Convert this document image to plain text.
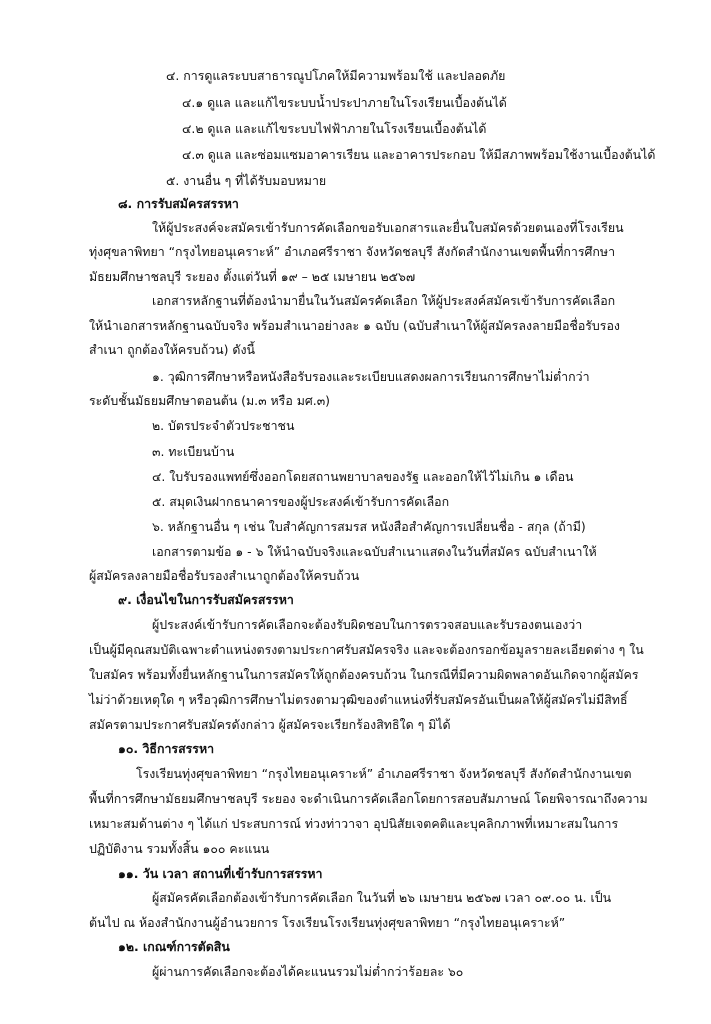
๔. การดูแลระบบสาธารณูปโภคให้มีความพร้อมใช้ และปลอดภัย
๔.๑ ดูแล และแก้ไขระบบน้ำประปาภายในโรงเรียนเบื้องต้นได้
๔.๒ ดูแล และแก้ไขระบบไฟฟ้าภายในโรงเรียนเบื้องต้นได้
๔.๓ ดูแล และซ่อมแซมอาคารเรียน และอาคารประกอบ ให้มีสภาพพร้อมใช้งานเบื้องต้นได้
๕. งานอื่น ๆ ที่ได้รับมอบหมาย
๘. การรับสมัครสรรหา
ให้ผู้ประสงค์จะสมัครเข้ารับการคัดเลือกขอรับเอกสารและยื่นใบสมัครด้วยตนเองที่โรงเรียน
ทุ่งศุขลาพิทยา “กรุงไทยอนุเคราะห์” อำเภอศรีราชา จังหวัดชลบุรี สังกัดสำนักงานเขตพื้นที่การศึกษา
มัธยมศึกษาชลบุรี ระยอง ตั้งแต่วันที่ ๑๙ – ๒๕ เมษายน ๒๕๖๗
เอกสารหลักฐานที่ต้องนำมายื่นในวันสมัครคัดเลือก ให้ผู้ประสงค์สมัครเข้ารับการคัดเลือก
ให้นำเอกสารหลักฐานฉบับจริง พร้อมสำเนาอย่างละ ๑ ฉบับ (ฉบับสำเนาให้ผู้สมัครลงลายมือชื่อรับรอง
สำเนา ถูกต้องให้ครบถ้วน) ดังนี้
๑. วุฒิการศึกษาหรือหนังสือรับรองและระเบียบแสดงผลการเรียนการศึกษาไม่ต่ำกว่า
ระดับชั้นมัธยมศึกษาตอนต้น (ม.๓ หรือ มศ.๓)
๒. บัตรประจำตัวประชาชน
๓. ทะเบียนบ้าน
๔. ใบรับรองแพทย์ซึ่งออกโดยสถานพยาบาลของรัฐ และออกให้ไว้ไม่เกิน ๑ เดือน
๕. สมุดเงินฝากธนาคารของผู้ประสงค์เข้ารับการคัดเลือก
๖. หลักฐานอื่น ๆ เช่น ใบสำคัญการสมรส หนังสือสำคัญการเปลี่ยนชื่อ - สกุล (ถ้ามี)
เอกสารตามข้อ ๑ - ๖ ให้นำฉบับจริงและฉบับสำเนาแสดงในวันที่สมัคร ฉบับสำเนาให้
ผู้สมัครลงลายมือชื่อรับรองสำเนาถูกต้องให้ครบถ้วน
๙. เงื่อนไขในการรับสมัครสรรหา
ผู้ประสงค์เข้ารับการคัดเลือกจะต้องรับผิดชอบในการตรวจสอบและรับรองตนเองว่า
เป็นผู้มีคุณสมบัติเฉพาะตำแหน่งตรงตามประกาศรับสมัครจริง และจะต้องกรอกข้อมูลรายละเอียดต่าง ๆ ใน
ใบสมัคร พร้อมทั้งยื่นหลักฐานในการสมัครให้ถูกต้องครบถ้วน ในกรณีที่มีความผิดพลาดอันเกิดจากผู้สมัคร
ไม่ว่าด้วยเหตุใด ๆ หรือวุฒิการศึกษาไม่ตรงตามวุฒิของตำแหน่งที่รับสมัครอันเป็นผลให้ผู้สมัครไม่มีสิทธิ์
สมัครตามประกาศรับสมัครดังกล่าว ผู้สมัครจะเรียกร้องสิทธิใด ๆ มิได้
๑๐. วิธีการสรรหา
โรงเรียนทุ่งศุขลาพิทยา “กรุงไทยอนุเคราะห์” อำเภอศรีราชา จังหวัดชลบุรี สังกัดสำนักงานเขต
พื้นที่การศึกษามัธยมศึกษาชลบุรี ระยอง จะดำเนินการคัดเลือกโดยการสอบสัมภาษณ์ โดยพิจารณาถึงความ
เหมาะสมด้านต่าง ๆ ได้แก่ ประสบการณ์ ท่วงท่าวาจา อุปนิสัยเจตคติและบุคลิกภาพที่เหมาะสมในการ
ปฏิบัติงาน รวมทั้งสิ้น ๑๐๐ คะแนน
๑๑. วัน เวลา สถานที่เข้ารับการสรรหา
ผู้สมัครคัดเลือกต้องเข้ารับการคัดเลือก ในวันที่ ๒๖ เมษายน ๒๕๖๗ เวลา ๐๙.๐๐ น. เป็น
ต้นไป ณ ห้องสำนักงานผู้อำนวยการ โรงเรียนโรงเรียนทุ่งศุขลาพิทยา “กรุงไทยอนุเคราะห์”
๑๒. เกณฑ์การตัดสิน
ผู้ผ่านการคัดเลือกจะต้องได้คะแนนรวมไม่ต่ำกว่าร้อยละ ๖๐
